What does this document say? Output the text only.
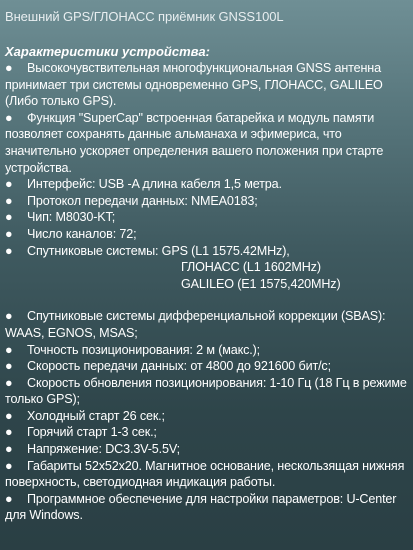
Внешний GPS/ГЛОНАСС приёмник GNSS100L

Характеристики устройства:

● Высокочувствительная многофункциональная GNSS антенна принимает три системы одновременно GPS, ГЛОНАСС, GALILEO (Либо только GPS).

● Функция "SuperCap" встроенная батарейка и модуль памяти позволяет сохранять данные альманаха и эфимериса, что значительно ускоряет определения вашего положения при старте устройства.

● Интерфейс: USB -A длина кабеля 1,5 метра.

● Протокол передачи данных: NMEA0183;

● Чип: M8030-KT;

● Число каналов: 72;

● Спутниковые системы: GPS (L1 1575.42MHz),

ГЛОНАСС (L1 1602MHz)

GALILEO (E1 1575,420MHz)

● Спутниковые системы дифференциальной коррекции (SBAS): WAAS, EGNOS, MSAS;

● Точность позиционирования: 2 м (макс.);

● Скорость передачи данных: от 4800 до 921600 бит/с;

● Скорость обновления позиционирования: 1-10 Гц (18 Гц в режиме только GPS);

● Холодный старт 26 сек.;

● Горячий старт 1-3 сек.;

● Напряжение: DC3.3V-5.5V;

● Габариты 52x52x20. Магнитное основание, нескользящая нижняя поверхность, светодиодная индикация работы.

● Программное обеспечение для настройки параметров: U-Center для Windows.
